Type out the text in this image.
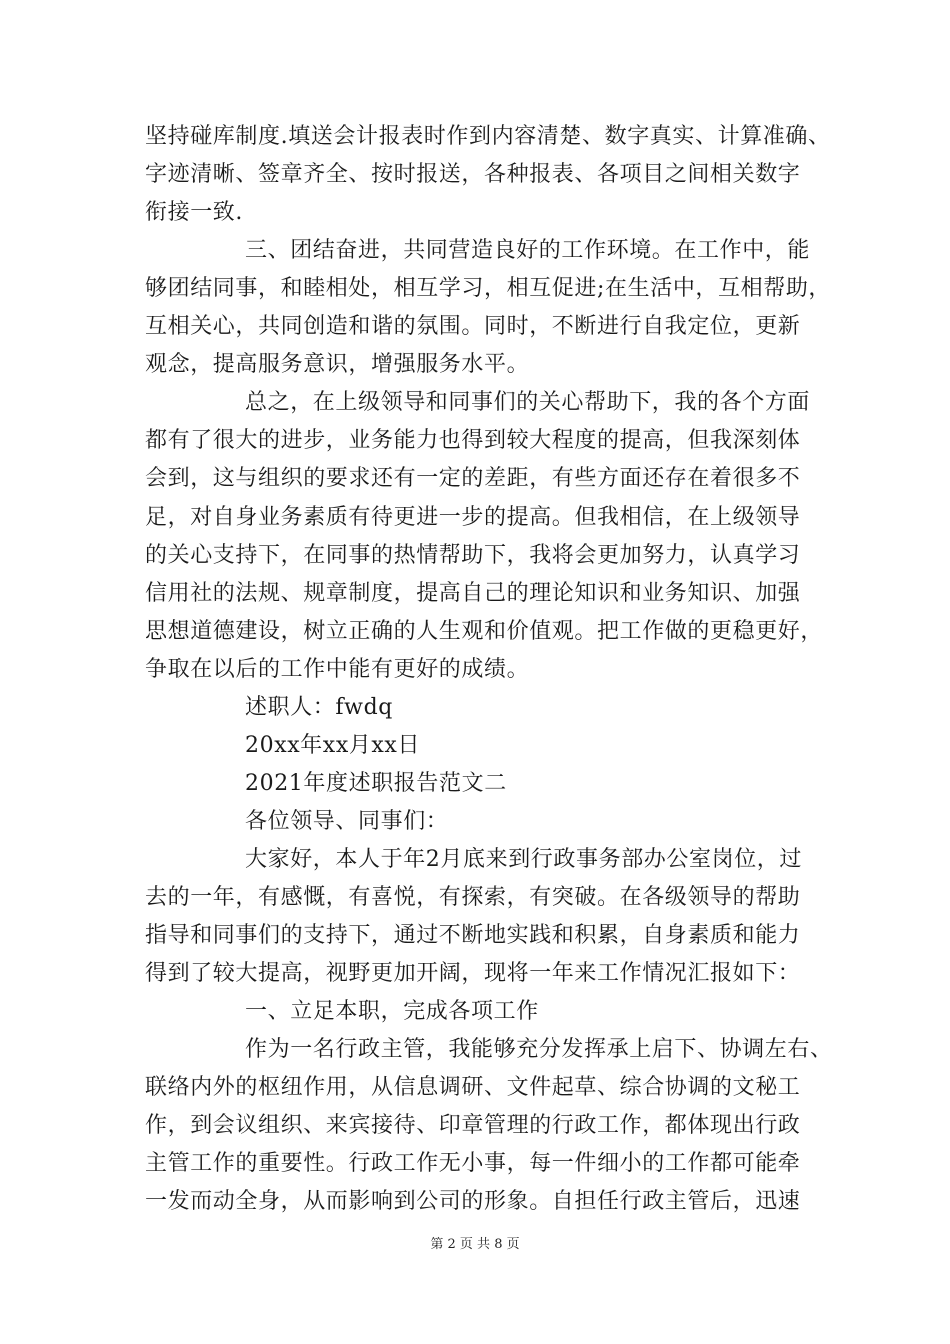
坚持碰库制度.填送会计报表时作到内容清楚、数字真实、计算准确、
字迹清晰、签章齐全、按时报送，各种报表、各项目之间相关数字
衔接一致.
三、团结奋进，共同营造良好的工作环境。在工作中，能
够团结同事，和睦相处，相互学习，相互促进;在生活中，互相帮助，
互相关心，共同创造和谐的氛围。同时，不断进行自我定位，更新
观念，提高服务意识，增强服务水平。
总之，在上级领导和同事们的关心帮助下，我的各个方面
都有了很大的进步，业务能力也得到较大程度的提高，但我深刻体
会到，这与组织的要求还有一定的差距，有些方面还存在着很多不
足，对自身业务素质有待更进一步的提高。但我相信，在上级领导
的关心支持下，在同事的热情帮助下，我将会更加努力，认真学习
信用社的法规、规章制度，提高自己的理论知识和业务知识、加强
思想道德建设，树立正确的人生观和价值观。把工作做的更稳更好，
争取在以后的工作中能有更好的成绩。
述职人：fwdq
20xx年xx月xx日
2021年度述职报告范文二
各位领导、同事们：
大家好，本人于年2月底来到行政事务部办公室岗位，过
去的一年，有感慨，有喜悦，有探索，有突破。在各级领导的帮助
指导和同事们的支持下，通过不断地实践和积累，自身素质和能力
得到了较大提高，视野更加开阔，现将一年来工作情况汇报如下：
一、立足本职，完成各项工作
作为一名行政主管，我能够充分发挥承上启下、协调左右、
联络内外的枢纽作用，从信息调研、文件起草、综合协调的文秘工
作，到会议组织、来宾接待、印章管理的行政工作，都体现出行政
主管工作的重要性。行政工作无小事，每一件细小的工作都可能牵
一发而动全身，从而影响到公司的形象。自担任行政主管后，迅速
第 2 页 共 8 页
